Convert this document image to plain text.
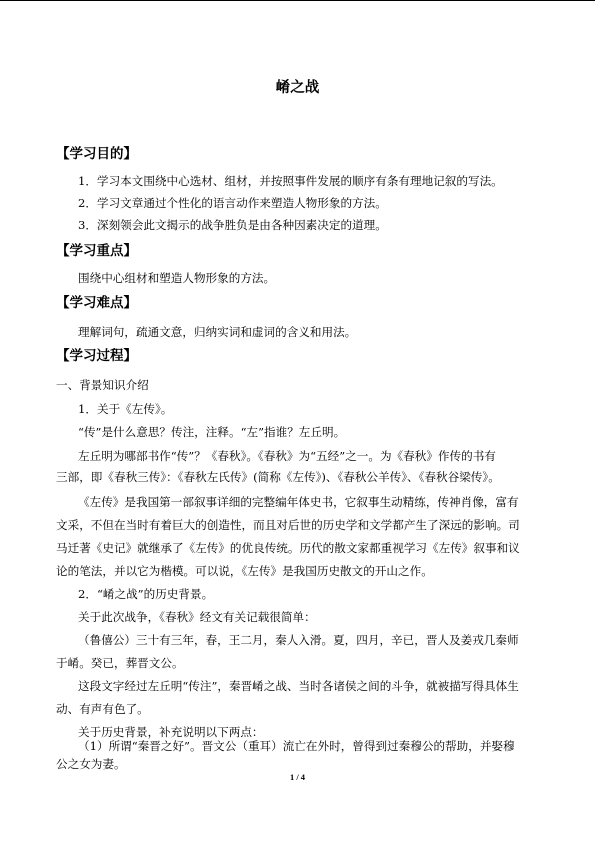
崤之战
【学习目的】
1．学习本文围绕中心选材、组材，并按照事件发展的顺序有条有理地记叙的写法。
2．学习文章通过个性化的语言动作来塑造人物形象的方法。
3．深刻领会此文揭示的战争胜负是由各种因素决定的道理。
【学习重点】
围绕中心组材和塑造人物形象的方法。
【学习难点】
理解词句，疏通文意，归纳实词和虚词的含义和用法。
【学习过程】
一、背景知识介绍
1．关于《左传》。
“传”是什么意思？传注，注释。“左”指谁？左丘明。
左丘明为哪部书作“传”？《春秋》。《春秋》为“五经”之一。为《春秋》作传的书有
三部，即《春秋三传》：《春秋左氏传》(简称《左传》)、《春秋公羊传》、《春秋谷梁传》。
《左传》是我国第一部叙事详细的完整编年体史书，它叙事生动精练，传神肖像，富有
文采，不但在当时有着巨大的创造性，而且对后世的历史学和文学都产生了深远的影响。司
马迁著《史记》就继承了《左传》的优良传统。历代的散文家都重视学习《左传》叙事和议
论的笔法，并以它为楷模。可以说，《左传》是我国历史散文的开山之作。
2．“崤之战”的历史背景。
关于此次战争，《春秋》经文有关记载很简单：
（鲁僖公）三十有三年，春，王二月，秦人入滑。夏，四月，辛已，晋人及姜戎几秦师
于崤。癸已，葬晋文公。
这段文字经过左丘明“传注”，秦晋崤之战、当时各诸侯之间的斗争，就被描写得具体生
动、有声有色了。
关于历史背景，补充说明以下两点：
（1）所谓“秦晋之好”。晋文公（重耳）流亡在外时，曾得到过秦穆公的帮助，并娶穆
公之女为妻。
1 / 4
